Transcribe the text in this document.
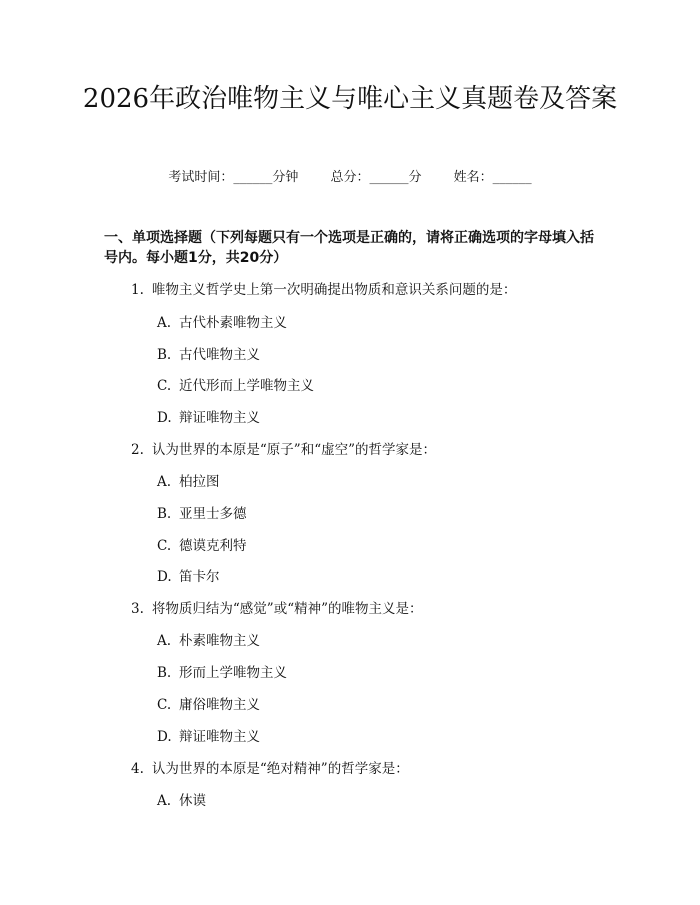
2026年政治唯物主义与唯心主义真题卷及答案
考试时间：______分钟 总分：______分 姓名：______
一、单项选择题（下列每题只有一个选项是正确的，请将正确选项的字母填入括号内。每小题1分，共20分）
1. 唯物主义哲学史上第一次明确提出物质和意识关系问题的是：
A. 古代朴素唯物主义
B. 古代唯物主义
C. 近代形而上学唯物主义
D. 辩证唯物主义
2. 认为世界的本原是“原子”和“虚空”的哲学家是：
A. 柏拉图
B. 亚里士多德
C. 德谟克利特
D. 笛卡尔
3. 将物质归结为“感觉”或“精神”的唯物主义是：
A. 朴素唯物主义
B. 形而上学唯物主义
C. 庸俗唯物主义
D. 辩证唯物主义
4. 认为世界的本原是“绝对精神”的哲学家是：
A. 休谟
